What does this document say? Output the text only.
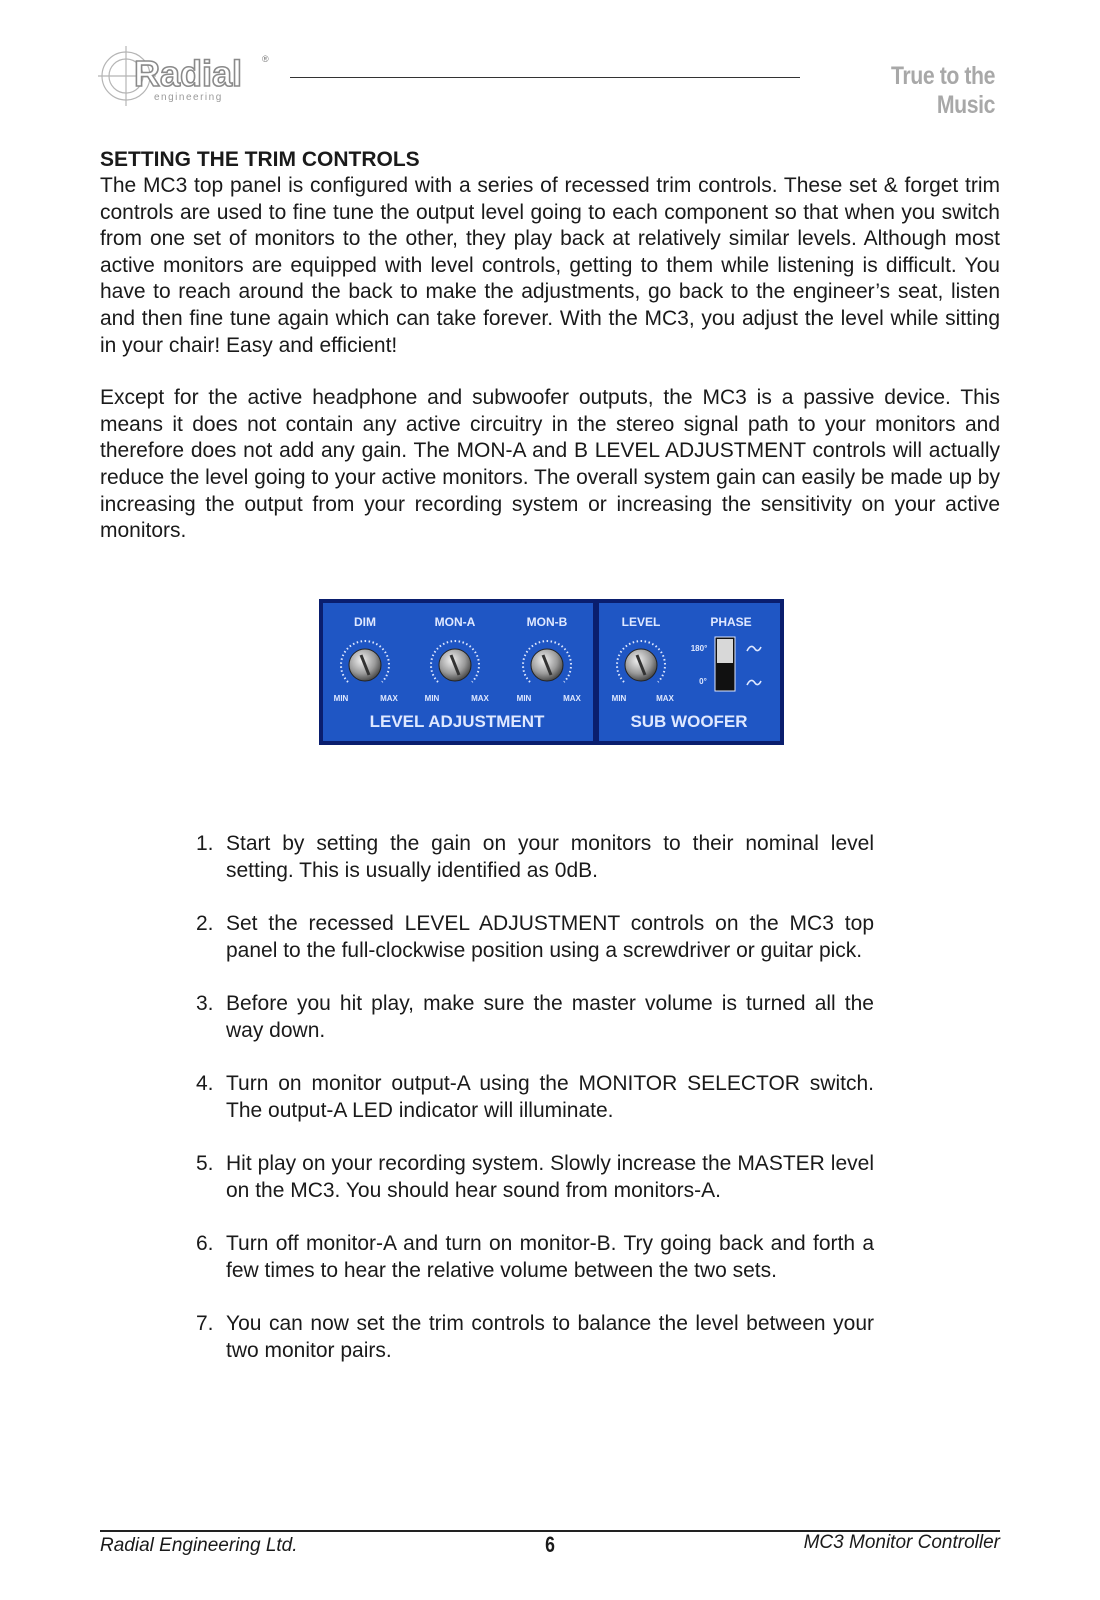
Radial ®
engineering
True to the Music
SETTING THE TRIM CONTROLS

The MC3 top panel is configured with a series of recessed trim controls. These set & forget trim controls are used to fine tune the output level going to each component so that when you switch from one set of monitors to the other, they play back at relatively similar levels. Although most active monitors are equipped with level controls, getting to them while listening is difficult. You have to reach around the back to make the adjustments, go back to the engineer’s seat, listen and then fine tune again which can take forever. With the MC3, you adjust the level while sitting in your chair! Easy and efficient!

Except for the active headphone and subwoofer outputs, the MC3 is a passive device. This means it does not contain any active circuitry in the stereo signal path to your monitors and therefore does not add any gain. The MON-A and B LEVEL ADJUSTMENT controls will actually reduce the level going to your active monitors. The overall system gain can easily be made up by increasing the output from your recording system or increasing the sensitivity on your active monitors.

DIM	MON-A	MON-B	LEVEL	PHASE
MIN	MAX	MIN	MAX	MIN	MAX	MIN	MAX
180°
0°
LEVEL ADJUSTMENT	SUB WOOFER
1. Start by setting the gain on your monitors to their nominal level setting. This is usually identified as 0dB.
2. Set the recessed LEVEL ADJUSTMENT controls on the MC3 top panel to the full-clockwise position using a screwdriver or guitar pick.
3. Before you hit play, make sure the master volume is turned all the way down.
4. Turn on monitor output-A using the MONITOR SELECTOR switch. The output-A LED indicator will illuminate.
5. Hit play on your recording system. Slowly increase the MASTER level on the MC3. You should hear sound from monitors-A.
6. Turn off monitor-A and turn on monitor-B. Try going back and forth a few times to hear the relative volume between the two sets.
7. You can now set the trim controls to balance the level between your two monitor pairs.
Radial Engineering Ltd.	6	MC3 Monitor Controller
